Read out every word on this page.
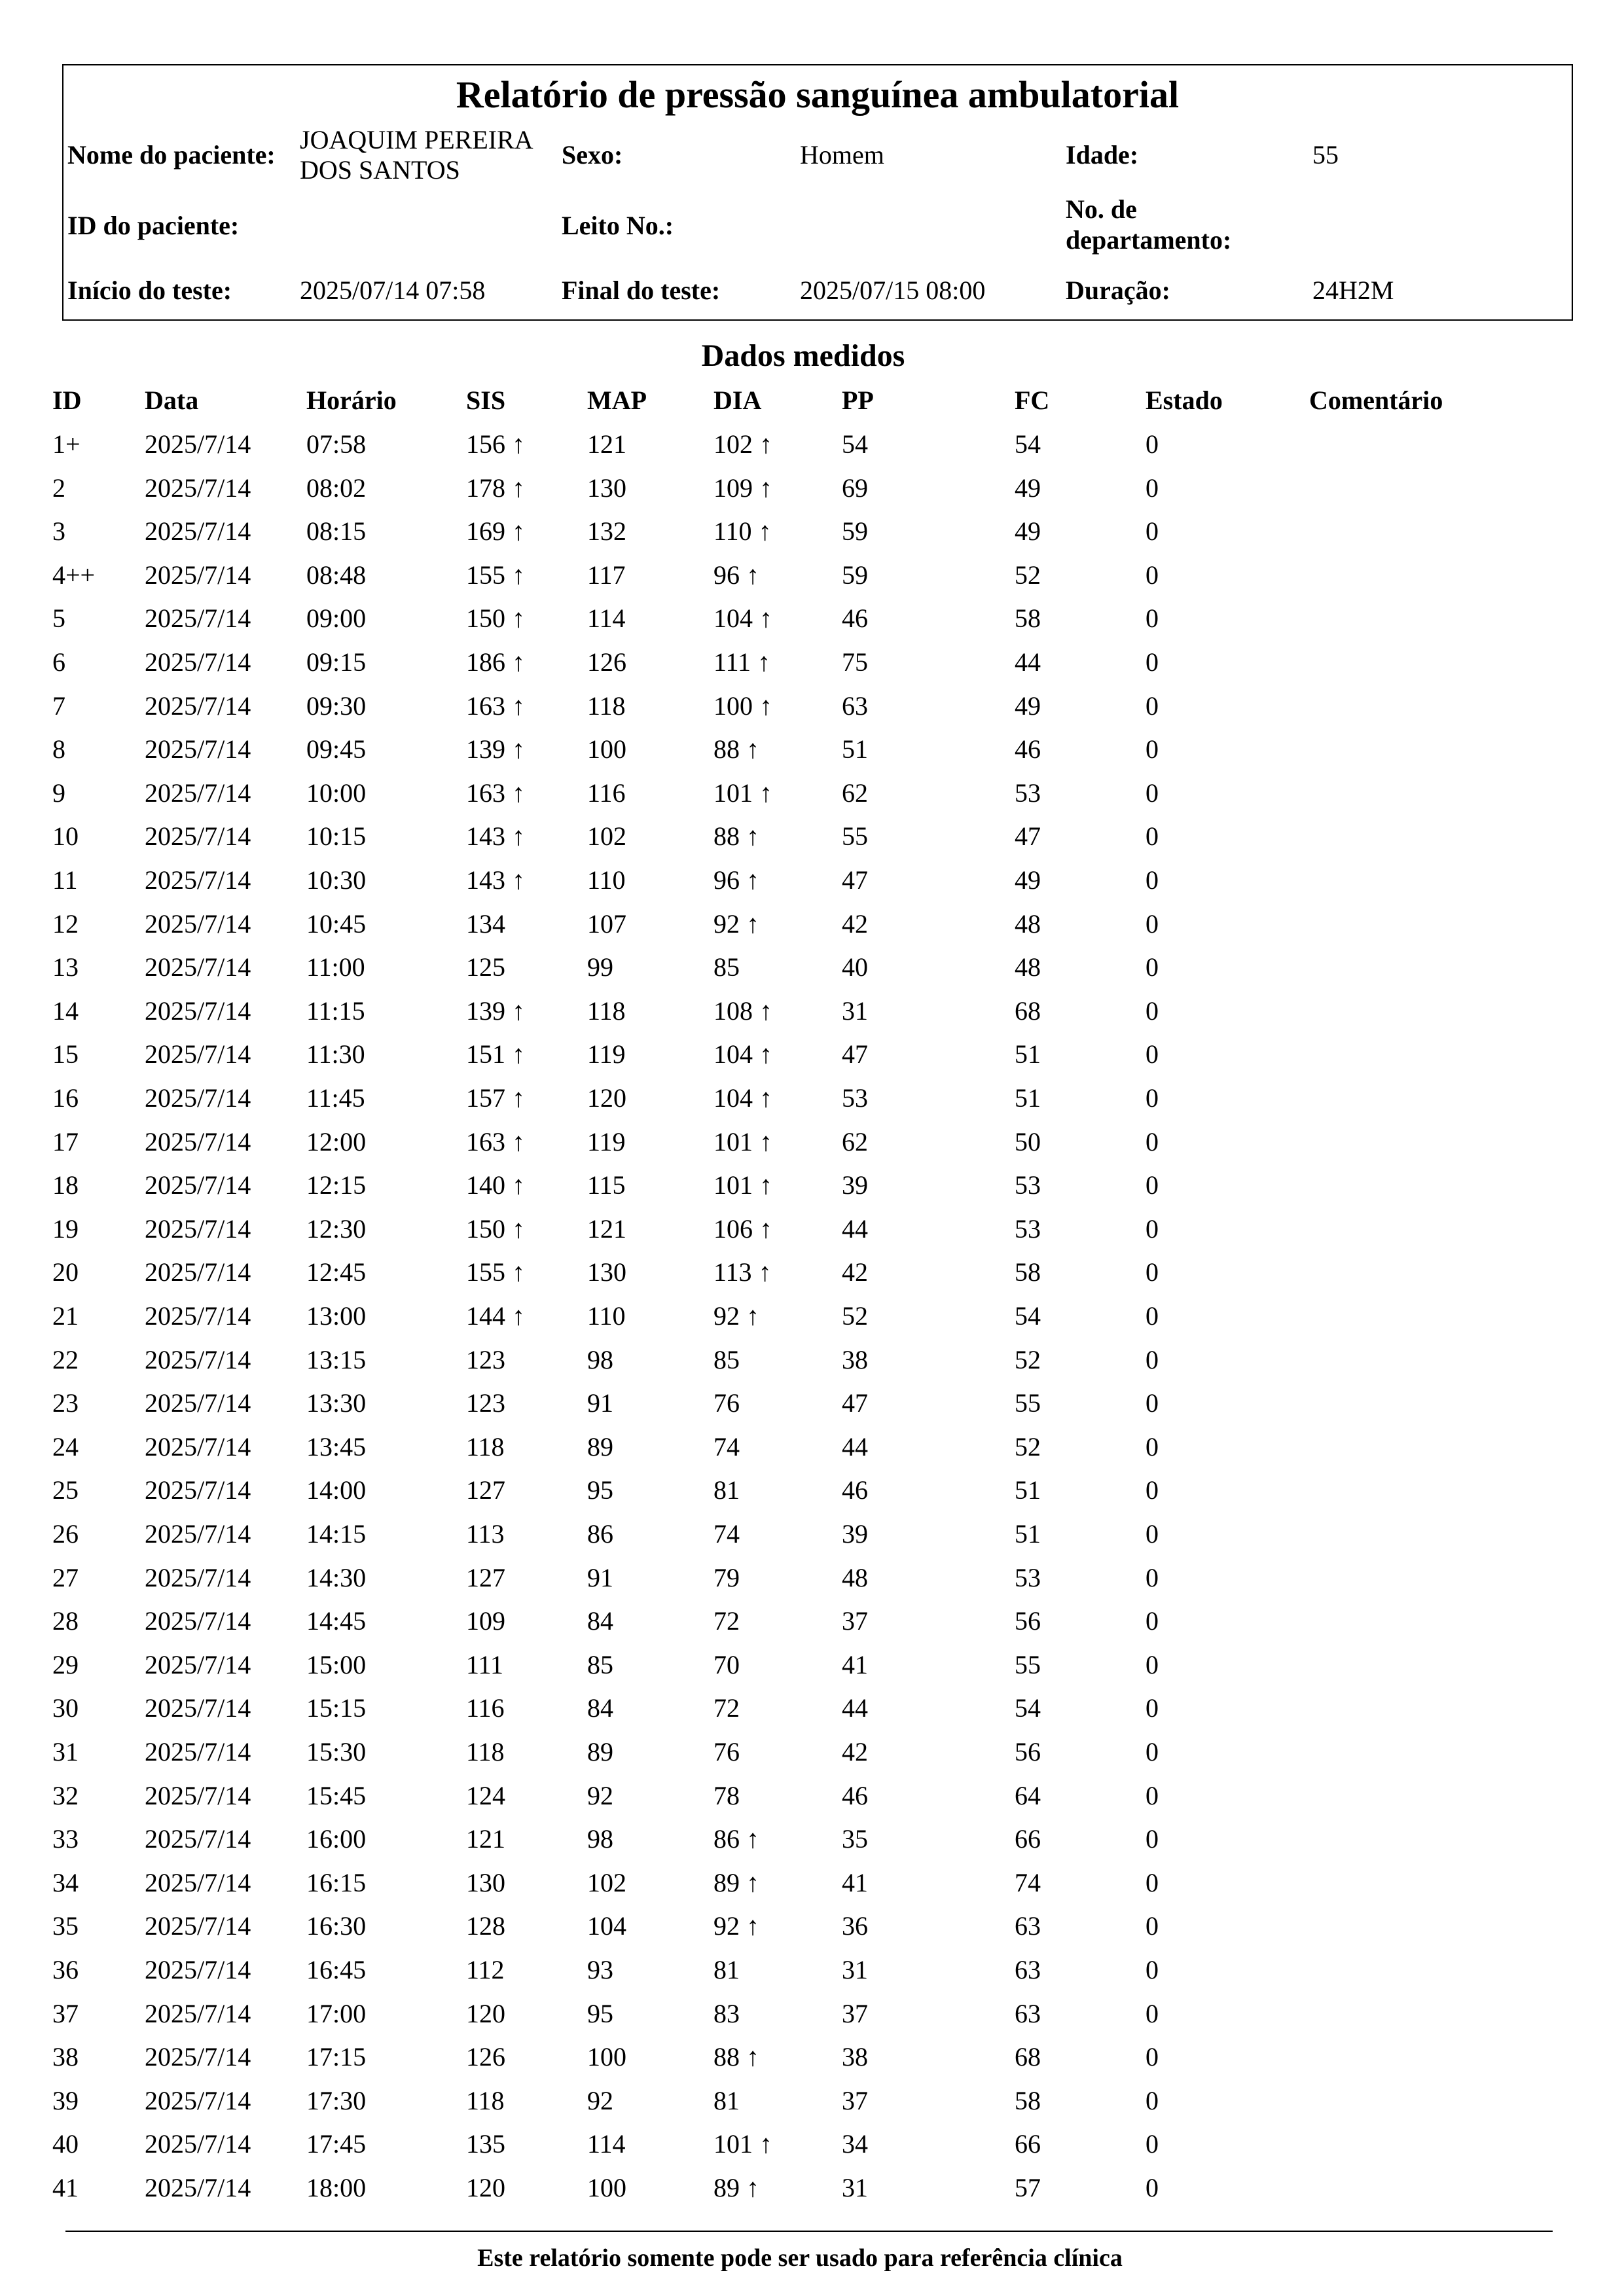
Relatório de pressão sanguínea ambulatorial
Nome do paciente:
JOAQUIM PEREIRA
DOS SANTOS
Sexo:	Homem	Idade:	55
ID do paciente:	Leito No.:
No. de
departamento:
Início do teste:	2025/07/14 07:58	Final do teste:	2025/07/15 08:00	Duração:	24H2M
Dados medidos
ID Data	Horário	SIS	MAP	DIA	PP	FC	Estado	Comentário
1+ 2025/7/14 07:58	156 ↑ 121	102 ↑	54	54	0
2	2025/7/14 08:02	178 ↑ 130	109 ↑	69	49	0
3	2025/7/14 08:15	169 ↑ 132	110 ↑	59	49	0
4++ 2025/7/14 08:48	155 ↑ 117	96 ↑	59	52	0
5	2025/7/14 09:00	150 ↑ 114	104 ↑	46	58	0
6	2025/7/14 09:15	186 ↑ 126	111 ↑	75	44	0
7	2025/7/14 09:30	163 ↑ 118	100 ↑	63	49	0
8	2025/7/14 09:45	139 ↑ 100	88 ↑	51	46	0
9	2025/7/14 10:00	163 ↑ 116	101 ↑	62	53	0
10	2025/7/14 10:15	143 ↑ 102	88 ↑	55	47	0
11	2025/7/14 10:30	143 ↑ 110	96 ↑	47	49	0
12	2025/7/14 10:45	134	107	92 ↑	42	48	0
13	2025/7/14 11:00	125	99	85	40	48	0
14	2025/7/14 11:15	139 ↑ 118	108 ↑	31	68	0
15	2025/7/14 11:30	151 ↑ 119	104 ↑	47	51	0
16	2025/7/14 11:45	157 ↑ 120	104 ↑	53	51	0
17	2025/7/14 12:00	163 ↑ 119	101 ↑	62	50	0
18	2025/7/14 12:15	140 ↑ 115	101 ↑	39	53	0
19	2025/7/14 12:30	150 ↑ 121	106 ↑	44	53	0
20	2025/7/14 12:45	155 ↑ 130	113 ↑	42	58	0
21	2025/7/14 13:00	144 ↑ 110	92 ↑	52	54	0
22	2025/7/14 13:15	123	98	85	38	52	0
23	2025/7/14 13:30	123	91	76	47	55	0
24	2025/7/14 13:45	118	89	74	44	52	0
25	2025/7/14 14:00	127	95	81	46	51	0
26	2025/7/14 14:15	113	86	74	39	51	0
27	2025/7/14 14:30	127	91	79	48	53	0
28	2025/7/14 14:45	109	84	72	37	56	0
29	2025/7/14 15:00	111	85	70	41	55	0
30	2025/7/14 15:15	116	84	72	44	54	0
31	2025/7/14 15:30	118	89	76	42	56	0
32	2025/7/14 15:45	124	92	78	46	64	0
33	2025/7/14 16:00	121	98	86 ↑	35	66	0
34	2025/7/14 16:15	130	102	89 ↑	41	74	0
35	2025/7/14 16:30	128	104	92 ↑	36	63	0
36	2025/7/14 16:45	112	93	81	31	63	0
37	2025/7/14 17:00	120	95	83	37	63	0
38	2025/7/14 17:15	126	100	88 ↑	38	68	0
39	2025/7/14 17:30	118	92	81	37	58	0
40	2025/7/14 17:45	135	114	101 ↑	34	66	0
41	2025/7/14 18:00	120	100	89 ↑	31	57	0
Este relatório somente pode ser usado para referência clínica
